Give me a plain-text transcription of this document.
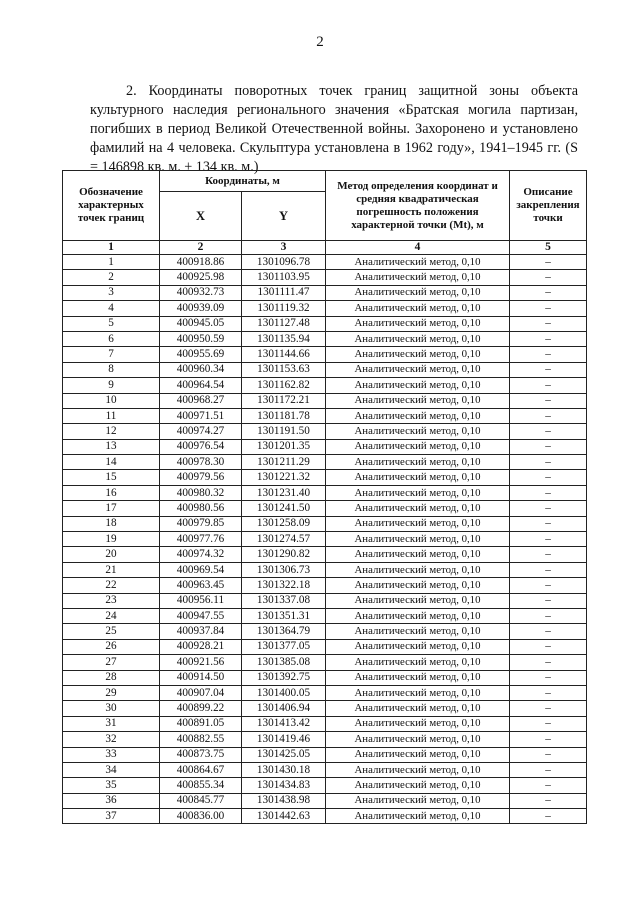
2

2. Координаты поворотных точек границ защитной зоны объекта культурного наследия регионального значения «Братская могила партизан, погибших в период Великой Отечественной войны. Захоронено и установлено фамилий на 4 человека. Скульптура установлена в 1962 году», 1941–1945 гг. (S = 146898 кв. м. ± 134 кв. м.)

Обозначение характерных точек границ	Координаты, м		Метод определения координат и средняя квадратическая погрешность положения характерной точки (Mt), м	Описание закрепления точки
	X	Y		
1	2	3	4	5
1	400918.86	1301096.78	Аналитический метод, 0,10	–
2	400925.98	1301103.95	Аналитический метод, 0,10	–
3	400932.73	1301111.47	Аналитический метод, 0,10	–
4	400939.09	1301119.32	Аналитический метод, 0,10	–
5	400945.05	1301127.48	Аналитический метод, 0,10	–
6	400950.59	1301135.94	Аналитический метод, 0,10	–
7	400955.69	1301144.66	Аналитический метод, 0,10	–
8	400960.34	1301153.63	Аналитический метод, 0,10	–
9	400964.54	1301162.82	Аналитический метод, 0,10	–
10	400968.27	1301172.21	Аналитический метод, 0,10	–
11	400971.51	1301181.78	Аналитический метод, 0,10	–
12	400974.27	1301191.50	Аналитический метод, 0,10	–
13	400976.54	1301201.35	Аналитический метод, 0,10	–
14	400978.30	1301211.29	Аналитический метод, 0,10	–
15	400979.56	1301221.32	Аналитический метод, 0,10	–
16	400980.32	1301231.40	Аналитический метод, 0,10	–
17	400980.56	1301241.50	Аналитический метод, 0,10	–
18	400979.85	1301258.09	Аналитический метод, 0,10	–
19	400977.76	1301274.57	Аналитический метод, 0,10	–
20	400974.32	1301290.82	Аналитический метод, 0,10	–
21	400969.54	1301306.73	Аналитический метод, 0,10	–
22	400963.45	1301322.18	Аналитический метод, 0,10	–
23	400956.11	1301337.08	Аналитический метод, 0,10	–
24	400947.55	1301351.31	Аналитический метод, 0,10	–
25	400937.84	1301364.79	Аналитический метод, 0,10	–
26	400928.21	1301377.05	Аналитический метод, 0,10	–
27	400921.56	1301385.08	Аналитический метод, 0,10	–
28	400914.50	1301392.75	Аналитический метод, 0,10	–
29	400907.04	1301400.05	Аналитический метод, 0,10	–
30	400899.22	1301406.94	Аналитический метод, 0,10	–
31	400891.05	1301413.42	Аналитический метод, 0,10	–
32	400882.55	1301419.46	Аналитический метод, 0,10	–
33	400873.75	1301425.05	Аналитический метод, 0,10	–
34	400864.67	1301430.18	Аналитический метод, 0,10	–
35	400855.34	1301434.83	Аналитический метод, 0,10	–
36	400845.77	1301438.98	Аналитический метод, 0,10	–
37	400836.00	1301442.63	Аналитический метод, 0,10	–
